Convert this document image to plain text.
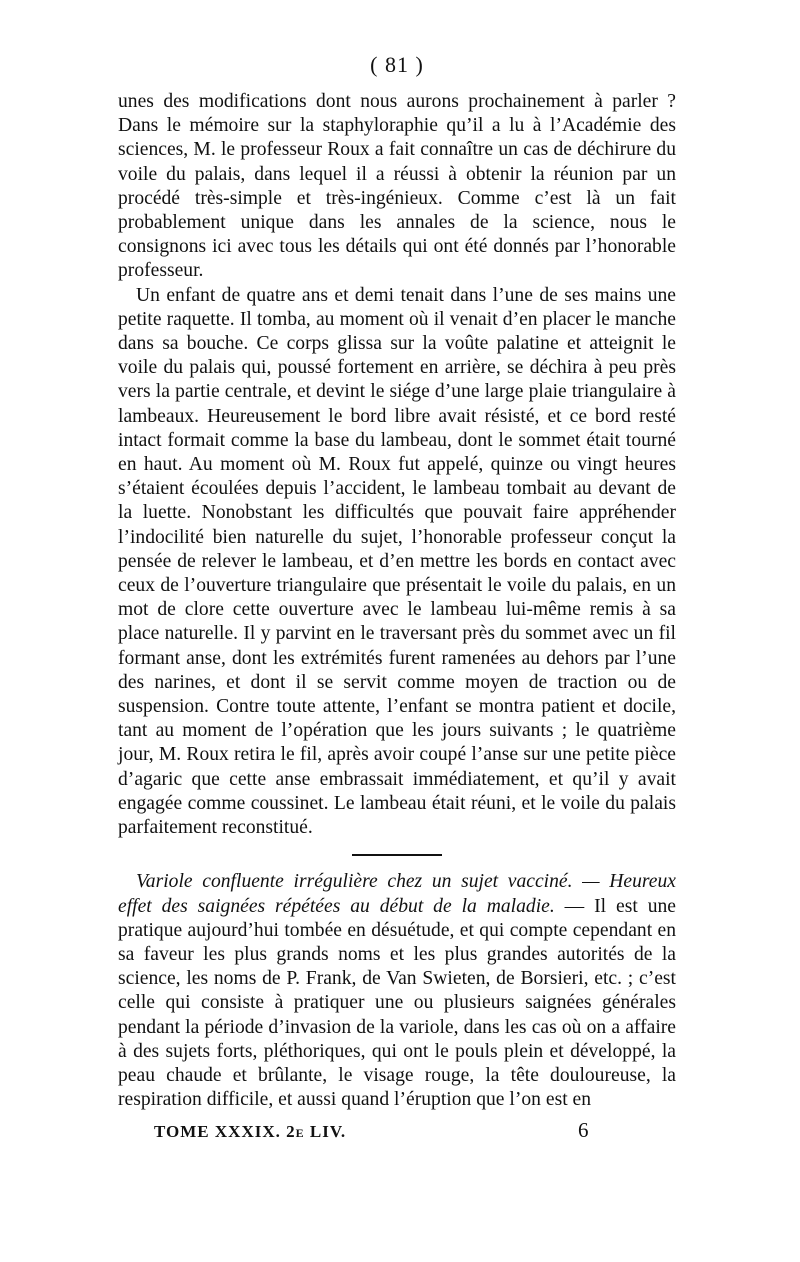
( 81 )

unes des modifications dont nous aurons prochainement à parler ? Dans le mémoire sur la staphyloraphie qu’il a lu à l’Académie des sciences, M. le professeur Roux a fait connaître un cas de déchirure du voile du palais, dans lequel il a réussi à obtenir la réunion par un procédé très-simple et très-ingénieux. Comme c’est là un fait probablement unique dans les annales de la science, nous le consignons ici avec tous les détails qui ont été donnés par l’honorable professeur.

Un enfant de quatre ans et demi tenait dans l’une de ses mains une petite raquette. Il tomba, au moment où il venait d’en placer le manche dans sa bouche. Ce corps glissa sur la voûte palatine et atteignit le voile du palais qui, poussé fortement en arrière, se déchira à peu près vers la partie centrale, et devint le siége d’une large plaie triangulaire à lambeaux. Heureusement le bord libre avait résisté, et ce bord resté intact formait comme la base du lambeau, dont le sommet était tourné en haut. Au moment où M. Roux fut appelé, quinze ou vingt heures s’étaient écoulées depuis l’accident, le lambeau tombait au devant de la luette. Nonobstant les difficultés que pouvait faire appréhender l’indocilité bien naturelle du sujet, l’honorable professeur conçut la pensée de relever le lambeau, et d’en mettre les bords en contact avec ceux de l’ouverture triangulaire que présentait le voile du palais, en un mot de clore cette ouverture avec le lambeau lui-même remis à sa place naturelle. Il y parvint en le traversant près du sommet avec un fil formant anse, dont les extrémités furent ramenées au dehors par l’une des narines, et dont il se servit comme moyen de traction ou de suspension. Contre toute attente, l’enfant se montra patient et docile, tant au moment de l’opération que les jours suivants ; le quatrième jour, M. Roux retira le fil, après avoir coupé l’anse sur une petite pièce d’agaric que cette anse embrassait immédiatement, et qu’il y avait engagée comme coussinet. Le lambeau était réuni, et le voile du palais parfaitement reconstitué.

Variole confluente irrégulière chez un sujet vacciné. — Heureux effet des saignées répétées au début de la maladie. — Il est une pratique aujourd’hui tombée en désuétude, et qui compte cependant en sa faveur les plus grands noms et les plus grandes autorités de la science, les noms de P. Frank, de Van Swieten, de Borsieri, etc. ; c’est celle qui consiste à pratiquer une ou plusieurs saignées générales pendant la période d’invasion de la variole, dans les cas où on a affaire à des sujets forts, pléthoriques, qui ont le pouls plein et développé, la peau chaude et brûlante, le visage rouge, la tête douloureuse, la respiration difficile, et aussi quand l’éruption que l’on est en

TOME XXXIX. 2e LIV.	6
